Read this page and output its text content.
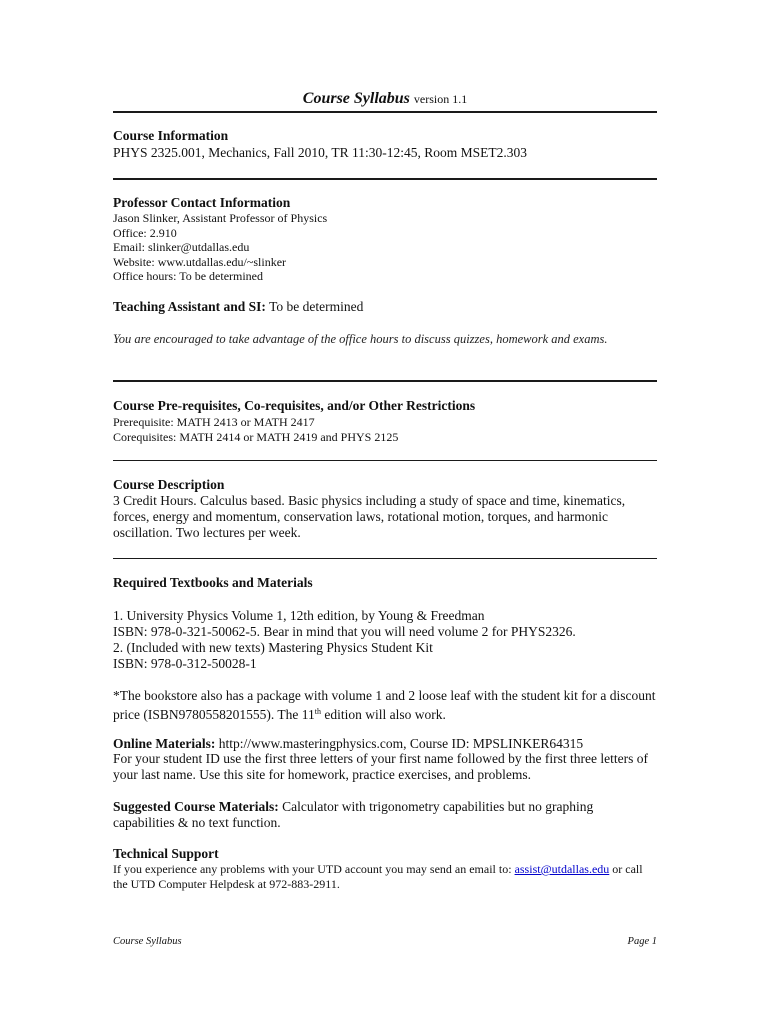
Course Syllabus version 1.1
Course Information
PHYS 2325.001, Mechanics, Fall 2010, TR 11:30-12:45, Room MSET2.303
Professor Contact Information
Jason Slinker, Assistant Professor of Physics
Office: 2.910
Email: slinker@utdallas.edu
Website: www.utdallas.edu/~slinker
Office hours: To be determined
Teaching Assistant and SI: To be determined
You are encouraged to take advantage of the office hours to discuss quizzes, homework and exams.
Course Pre-requisites, Co-requisites, and/or Other Restrictions
Prerequisite: MATH 2413 or MATH 2417
Corequisites: MATH 2414 or MATH 2419 and PHYS 2125
Course Description
3 Credit Hours. Calculus based. Basic physics including a study of space and time, kinematics, forces, energy and momentum, conservation laws, rotational motion, torques, and harmonic oscillation. Two lectures per week.
Required Textbooks and Materials
1. University Physics Volume 1, 12th edition, by Young & Freedman
ISBN: 978-0-321-50062-5. Bear in mind that you will need volume 2 for PHYS2326.
2. (Included with new texts) Mastering Physics Student Kit
ISBN: 978-0-312-50028-1
*The bookstore also has a package with volume 1 and 2 loose leaf with the student kit for a discount price (ISBN9780558201555). The 11th edition will also work.
Online Materials: http://www.masteringphysics.com, Course ID: MPSLINKER64315
For your student ID use the first three letters of your first name followed by the first three letters of your last name. Use this site for homework, practice exercises, and problems.
Suggested Course Materials: Calculator with trigonometry capabilities but no graphing capabilities & no text function.
Technical Support
If you experience any problems with your UTD account you may send an email to: assist@utdallas.edu or call the UTD Computer Helpdesk at 972-883-2911.
Course Syllabus	Page 1
